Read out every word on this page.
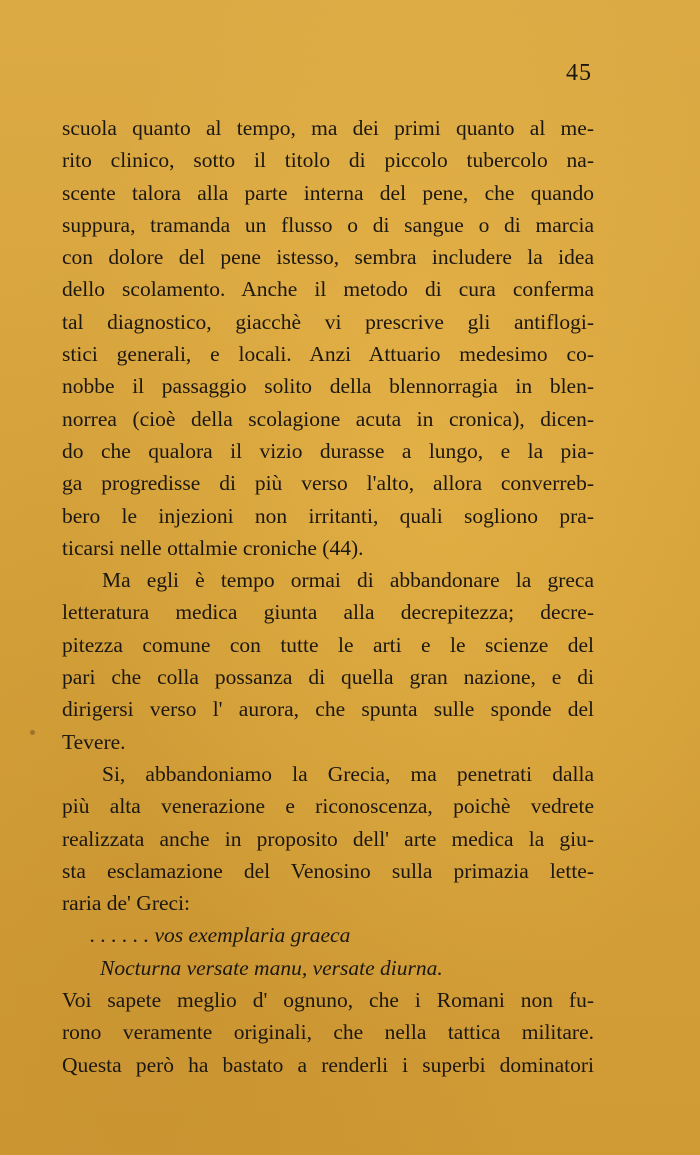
45
scuola quanto al tempo, ma dei primi quanto al me-
rito clinico, sotto il titolo di piccolo tubercolo na-
scente talora alla parte interna del pene, che quando
suppura, tramanda un flusso o di sangue o di marcia
con dolore del pene istesso, sembra includere la idea
dello scolamento. Anche il metodo di cura conferma
tal diagnostico, giacchè vi prescrive gli antiflogi-
stici generali, e locali. Anzi Attuario medesimo co-
nobbe il passaggio solito della blennorragia in blen-
norrea (cioè della scolagione acuta in cronica), dicen-
do che qualora il vizio durasse a lungo, e la pia-
ga progredisse di più verso l'alto, allora converreb-
bero le injezioni non irritanti, quali sogliono pra-
ticarsi nelle ottalmie croniche (44).
Ma egli è tempo ormai di abbandonare la greca
letteratura medica giunta alla decrepitezza; decre-
pitezza comune con tutte le arti e le scienze del
pari che colla possanza di quella gran nazione, e di
dirigersi verso l' aurora, che spunta sulle sponde del
Tevere.
Si, abbandoniamo la Grecia, ma penetrati dalla
più alta venerazione e riconoscenza, poichè vedrete
realizzata anche in proposito dell' arte medica la giu-
sta esclamazione del Venosino sulla primazia lette-
raria de' Greci:
. . . . . . vos exemplaria graeca
Nocturna versate manu, versate diurna.
Voi sapete meglio d' ognuno, che i Romani non fu-
rono veramente originali, che nella tattica militare.
Questa però ha bastato a renderli i superbi dominatori
